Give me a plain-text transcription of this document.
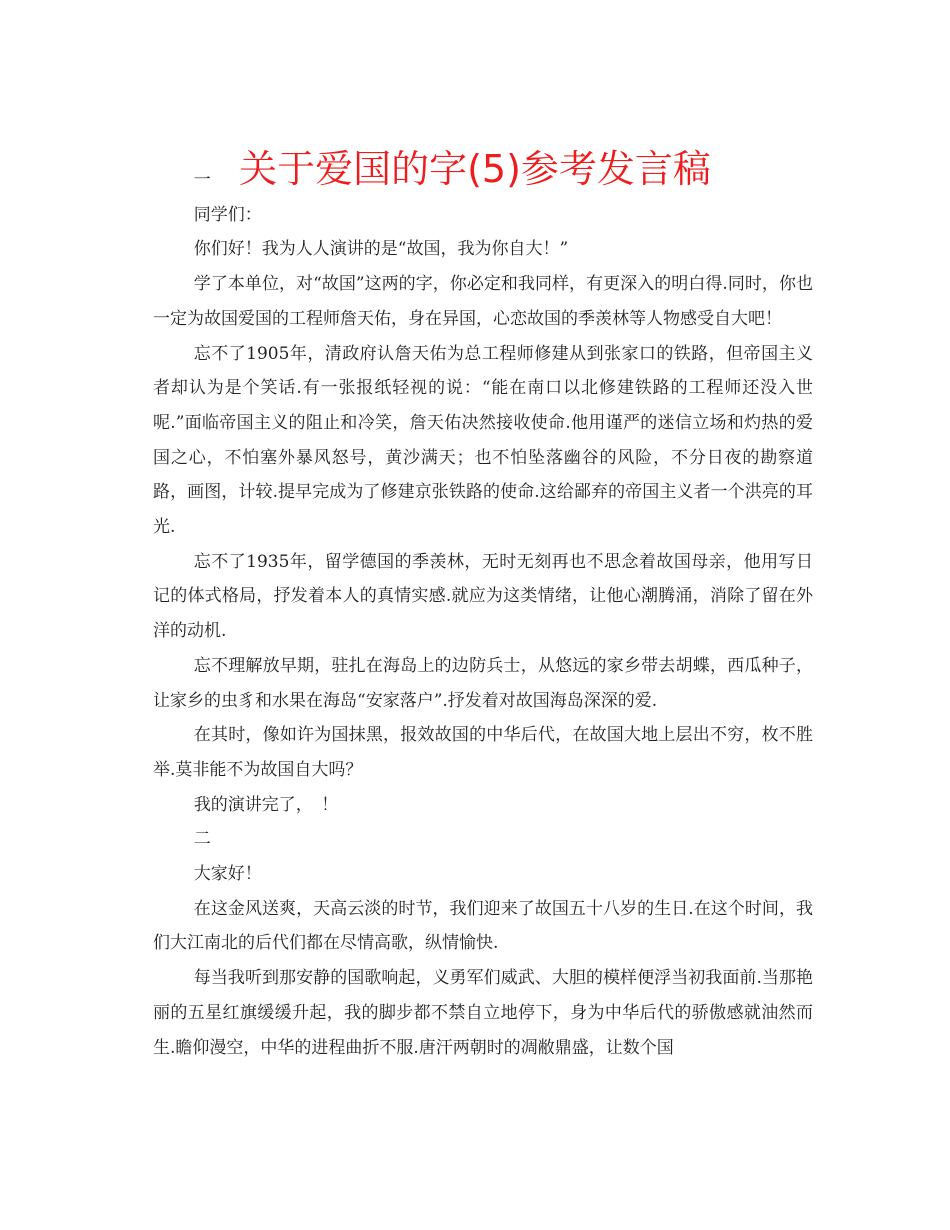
关于爱国的字(5)参考发言稿

一

同学们：

你们好！我为人人演讲的是“故国，我为你自大！”

学了本单位，对“故国”这两的字，你必定和我同样，有更深入的明白得.同时，你也一定为故国爱国的工程师詹天佑，身在异国，心恋故国的季羡林等人物感受自大吧！

忘不了1905年，清政府认詹天佑为总工程师修建从到张家口的铁路，但帝国主义者却认为是个笑话.有一张报纸轻视的说：“能在南口以北修建铁路的工程师还没入世呢.”面临帝国主义的阻止和冷笑，詹天佑决然接收使命.他用谨严的迷信立场和灼热的爱国之心，不怕塞外暴风怒号，黄沙满天；也不怕坠落幽谷的风险，不分日夜的勘察道路，画图，计较.提早完成为了修建京张铁路的使命.这给鄙弃的帝国主义者一个洪亮的耳光.

忘不了1935年，留学德国的季羡林，无时无刻再也不思念着故国母亲，他用写日记的体式格局，抒发着本人的真情实感.就应为这类情绪，让他心潮腾涌，消除了留在外洋的动机.

忘不理解放早期，驻扎在海岛上的边防兵士，从悠远的家乡带去胡蝶，西瓜种子，让家乡的虫豸和水果在海岛“安家落户”.抒发着对故国海岛深深的爱.

在其时，像如许为国抹黑，报效故国的中华后代，在故国大地上层出不穷，枚不胜举.莫非能不为故国自大吗？

我的演讲完了，　！

二

大家好！

在这金风送爽，天高云淡的时节，我们迎来了故国五十八岁的生日.在这个时间，我们大江南北的后代们都在尽情高歌，纵情愉快.

每当我听到那安静的国歌响起，义勇军们威武、大胆的模样便浮当初我面前.当那艳丽的五星红旗缓缓升起，我的脚步都不禁自立地停下，身为中华后代的骄傲感就油然而生.瞻仰漫空，中华的进程曲折不服.唐汗两朝时的凋敝鼎盛，让数个国
